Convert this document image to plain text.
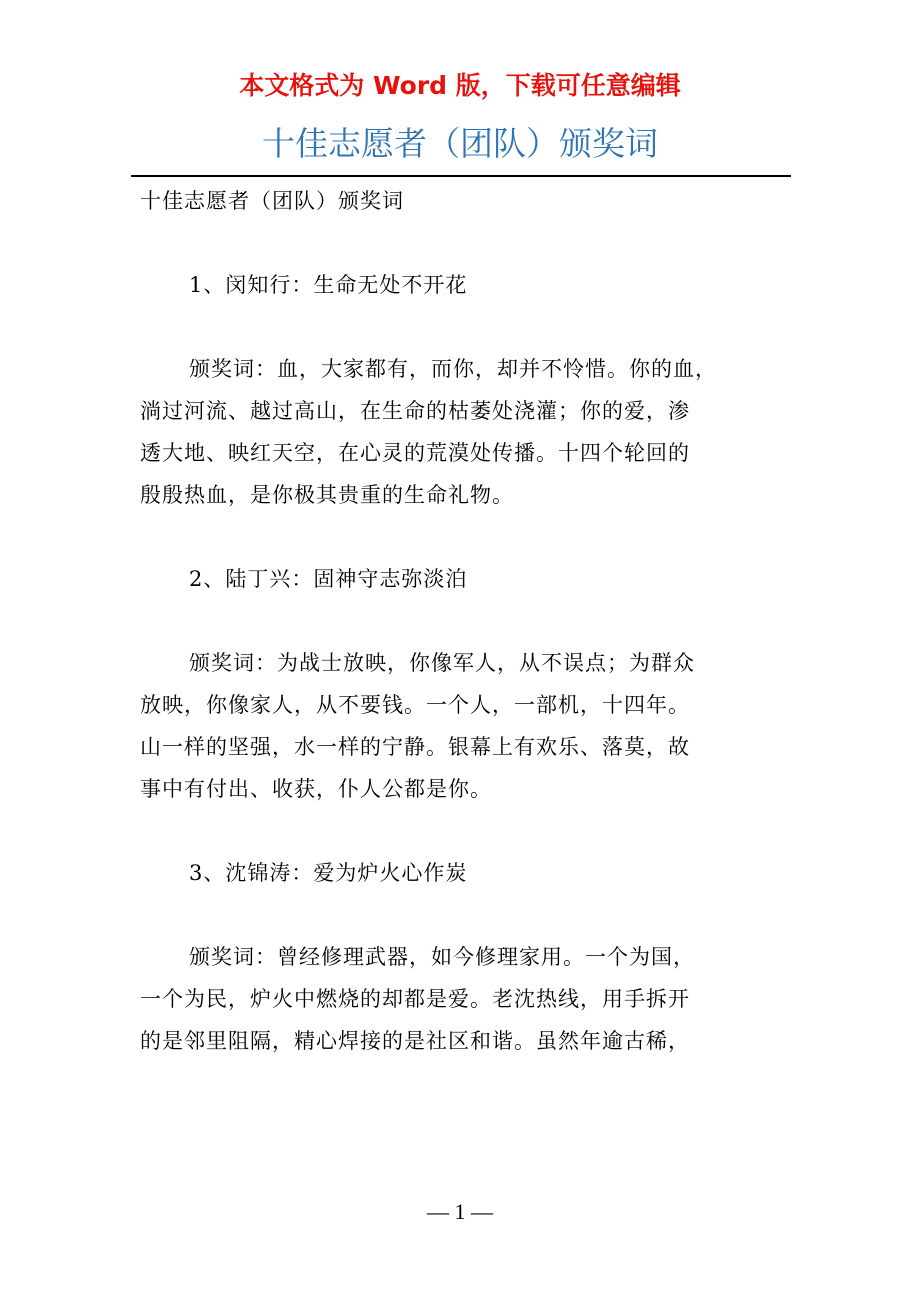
本文格式为 Word 版，下载可任意编辑
十佳志愿者（团队）颁奖词

十佳志愿者（团队）颁奖词

1、闵知行：生命无处不开花

颁奖词：血，大家都有，而你，却并不怜惜。你的血，

淌过河流、越过高山，在生命的枯萎处浇灌；你的爱，渗

透大地、映红天空，在心灵的荒漠处传播。十四个轮回的

殷殷热血，是你极其贵重的生命礼物。

2、陆丁兴：固神守志弥淡泊

颁奖词：为战士放映，你像军人，从不误点；为群众

放映，你像家人，从不要钱。一个人，一部机，十四年。

山一样的坚强，水一样的宁静。银幕上有欢乐、落莫，故

事中有付出、收获，仆人公都是你。

3、沈锦涛：爱为炉火心作炭

颁奖词：曾经修理武器，如今修理家用。一个为国，

一个为民，炉火中燃烧的却都是爱。老沈热线，用手拆开

的是邻里阻隔，精心焊接的是社区和谐。虽然年逾古稀，

— 1 —
